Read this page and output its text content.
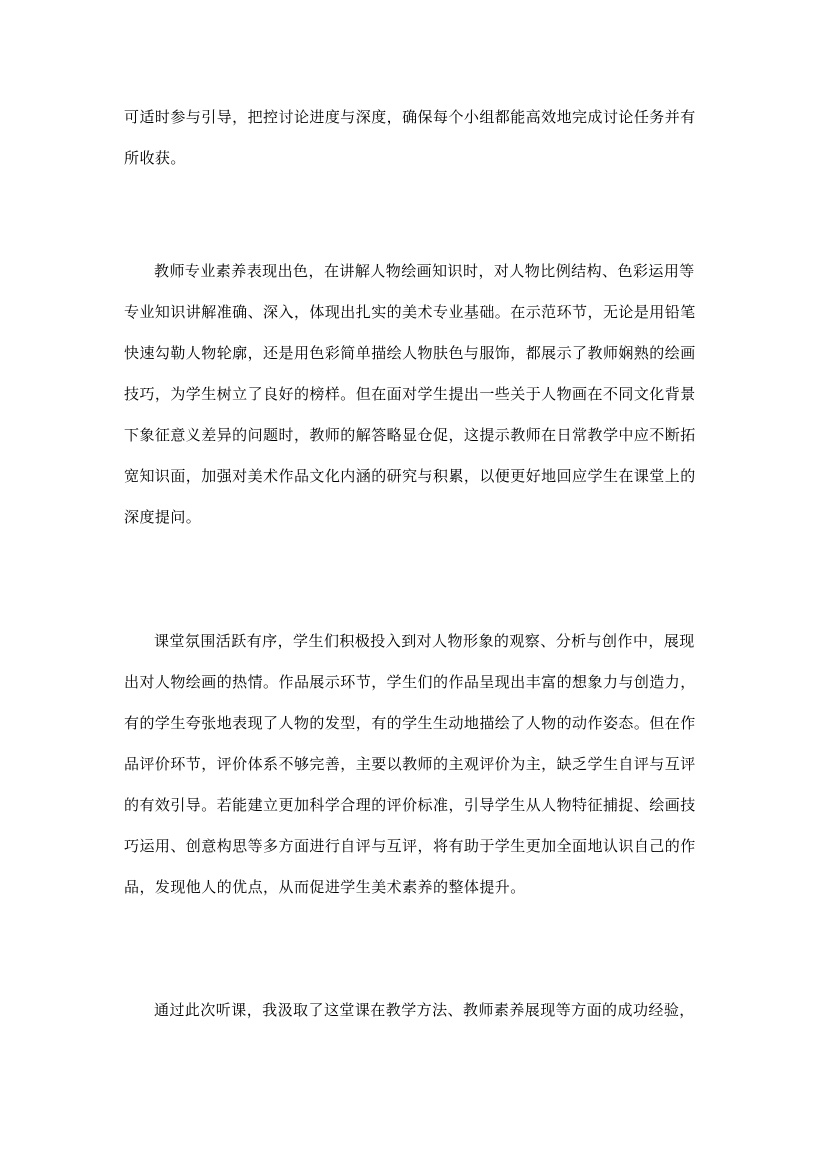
可适时参与引导，把控讨论进度与深度，确保每个小组都能高效地完成讨论任务并有
所收获。
教师专业素养表现出色，在讲解人物绘画知识时，对人物比例结构、色彩运用等
专业知识讲解准确、深入，体现出扎实的美术专业基础。在示范环节，无论是用铅笔
快速勾勒人物轮廓，还是用色彩简单描绘人物肤色与服饰，都展示了教师娴熟的绘画
技巧，为学生树立了良好的榜样。但在面对学生提出一些关于人物画在不同文化背景
下象征意义差异的问题时，教师的解答略显仓促，这提示教师在日常教学中应不断拓
宽知识面，加强对美术作品文化内涵的研究与积累，以便更好地回应学生在课堂上的
深度提问。
课堂氛围活跃有序，学生们积极投入到对人物形象的观察、分析与创作中，展现
出对人物绘画的热情。作品展示环节，学生们的作品呈现出丰富的想象力与创造力，
有的学生夸张地表现了人物的发型，有的学生生动地描绘了人物的动作姿态。但在作
品评价环节，评价体系不够完善，主要以教师的主观评价为主，缺乏学生自评与互评
的有效引导。若能建立更加科学合理的评价标准，引导学生从人物特征捕捉、绘画技
巧运用、创意构思等多方面进行自评与互评，将有助于学生更加全面地认识自己的作
品，发现他人的优点，从而促进学生美术素养的整体提升。
通过此次听课，我汲取了这堂课在教学方法、教师素养展现等方面的成功经验，
